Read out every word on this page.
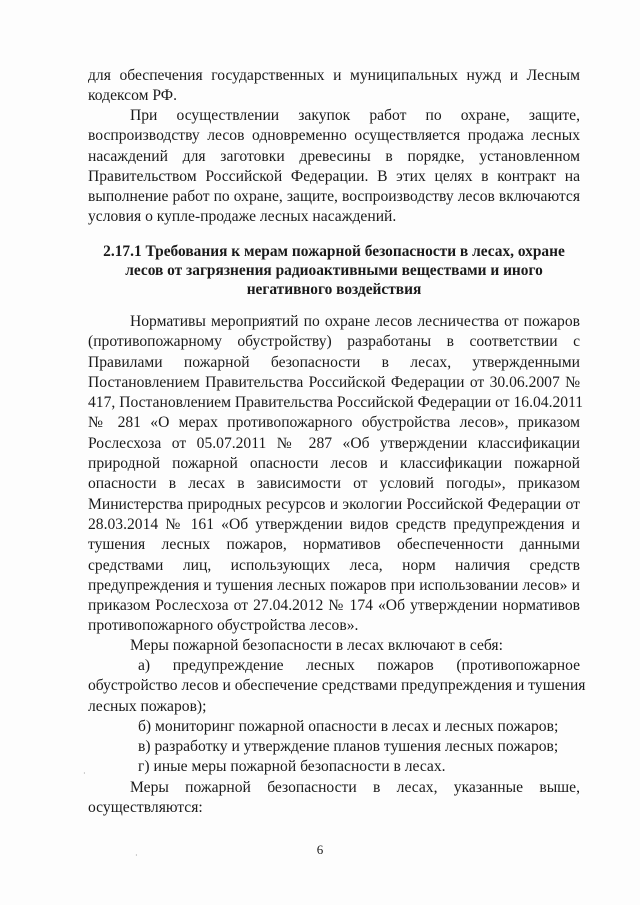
для обеспечения государственных и муниципальных нужд и Лесным
кодексом РФ.

При осуществлении закупок работ по охране, защите,
воспроизводству лесов одновременно осуществляется продажа лесных
насаждений для заготовки древесины в порядке, установленном
Правительством Российской Федерации. В этих целях в контракт на
выполнение работ по охране, защите, воспроизводству лесов включаются
условия о купле-продаже лесных насаждений.

2.17.1 Требования к мерам пожарной безопасности в лесах, охране
лесов от загрязнения радиоактивными веществами и иного
негативного воздействия

Нормативы мероприятий по охране лесов лесничества от пожаров
(противопожарному обустройству) разработаны в соответствии с
Правилами пожарной безопасности в лесах, утвержденными
Постановлением Правительства Российской Федерации от 30.06.2007 №
417, Постановлением Правительства Российской Федерации от 16.04.2011
№ 281 «О мерах противопожарного обустройства лесов», приказом
Рослесхоза от 05.07.2011 № 287 «Об утверждении классификации
природной пожарной опасности лесов и классификации пожарной
опасности в лесах в зависимости от условий погоды», приказом
Министерства природных ресурсов и экологии Российской Федерации от
28.03.2014 № 161 «Об утверждении видов средств предупреждения и
тушения лесных пожаров, нормативов обеспеченности данными
средствами лиц, использующих леса, норм наличия средств
предупреждения и тушения лесных пожаров при использовании лесов» и
приказом Рослесхоза от 27.04.2012 № 174 «Об утверждении нормативов
противопожарного обустройства лесов».

Меры пожарной безопасности в лесах включают в себя:

а) предупреждение лесных пожаров (противопожарное
обустройство лесов и обеспечение средствами предупреждения и тушения
лесных пожаров);
б) мониторинг пожарной опасности в лесах и лесных пожаров;
в) разработку и утверждение планов тушения лесных пожаров;
г) иные меры пожарной безопасности в лесах.

Меры пожарной безопасности в лесах, указанные выше,
осуществляются:

6
·
·
